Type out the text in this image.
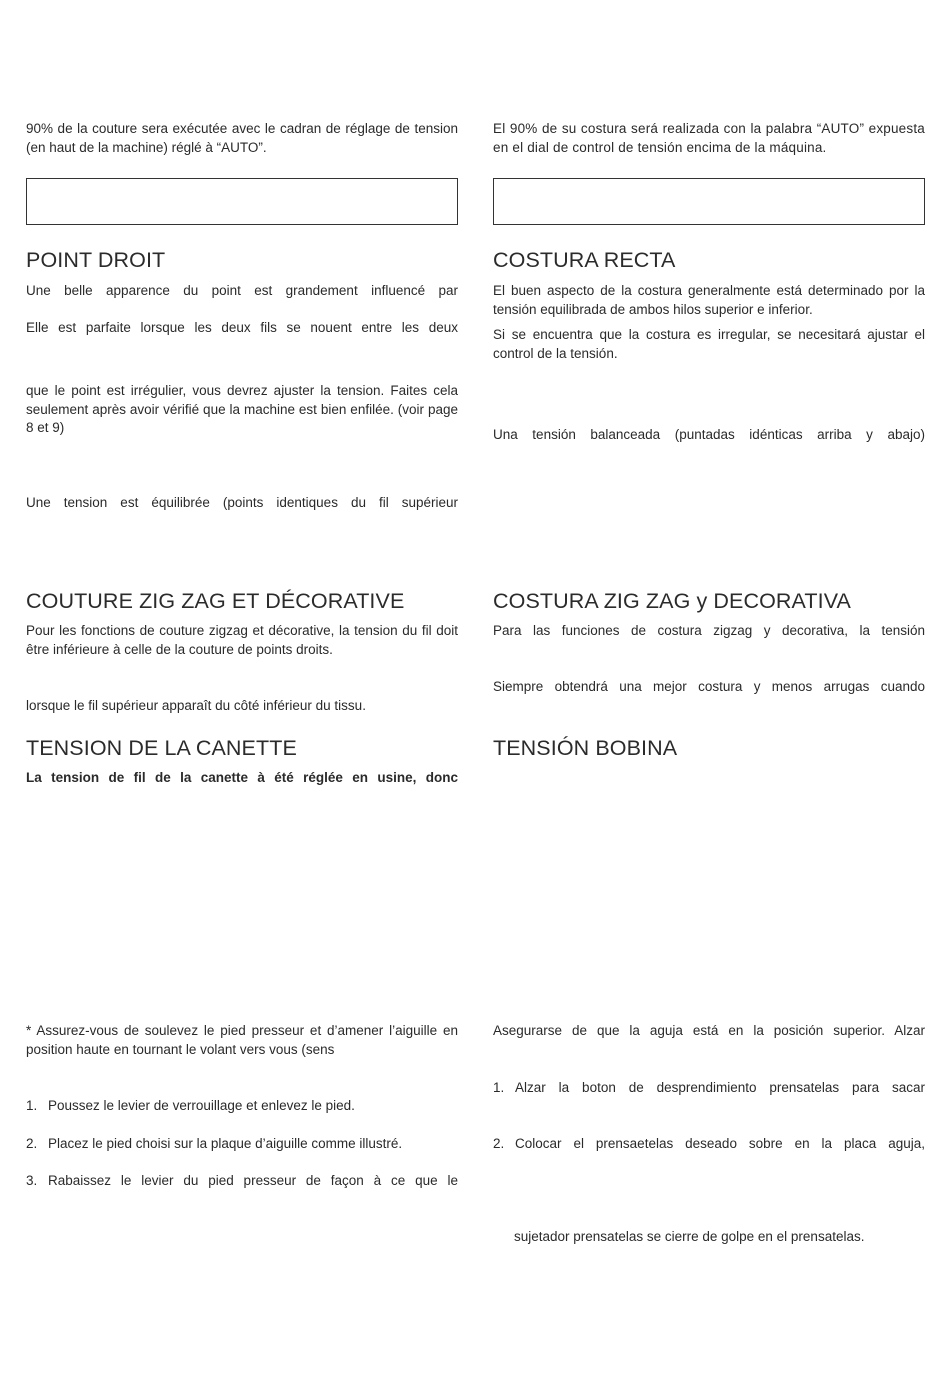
90% de la couture sera exécutée avec le cadran de réglage de tension (en haut de la machine) réglé à “AUTO”.

POINT DROIT

Une belle apparence du point est grandement influencé par

Elle est parfaite lorsque les deux fils se nouent entre les deux

que le point est irrégulier, vous devrez ajuster la tension. Faites cela seulement après avoir vérifié que la machine est bien enfilée. (voir page 8 et 9)

Une tension est équilibrée (points identiques du fil supérieur

COUTURE ZIG ZAG ET DÉCORATIVE

Pour les fonctions de couture zigzag et décorative, la tension du fil doit être inférieure à celle de la couture de points droits.

lorsque le fil supérieur apparaît du côté inférieur du tissu.

TENSION DE LA CANETTE

La tension de fil de la canette à été réglée en usine, donc

* Assurez-vous de soulevez le pied presseur et d’amener l’aiguille en position haute en tournant le volant vers vous (sens

1. Poussez le levier de verrouillage et enlevez le pied.
2. Placez le pied choisi sur la plaque d’aiguille comme illustré.
3. Rabaissez le levier du pied presseur de façon à ce que le

El 90% de su costura será realizada con la palabra “AUTO” expuesta en el dial de control de tensión encima de la máquina.

COSTURA RECTA

El buen aspecto de la costura generalmente está determinado por la tensión equilibrada de ambos hilos superior e inferior.

Si se encuentra que la costura es irregular, se necesitará ajustar el control de la tensión.

Una tensión balanceada (puntadas idénticas arriba y abajo)

COSTURA ZIG ZAG y DECORATIVA

Para las funciones de costura zigzag y decorativa, la tensión

Siempre obtendrá una mejor costura y menos arrugas cuando

TENSIÓN BOBINA

Asegurarse de que la aguja está en la posición superior. Alzar

1. Alzar la boton de desprendimiento prensatelas para sacar
2. Colocar el prensaetelas deseado sobre en la placa aguja,

sujetador prensatelas se cierre de golpe en el prensatelas.
